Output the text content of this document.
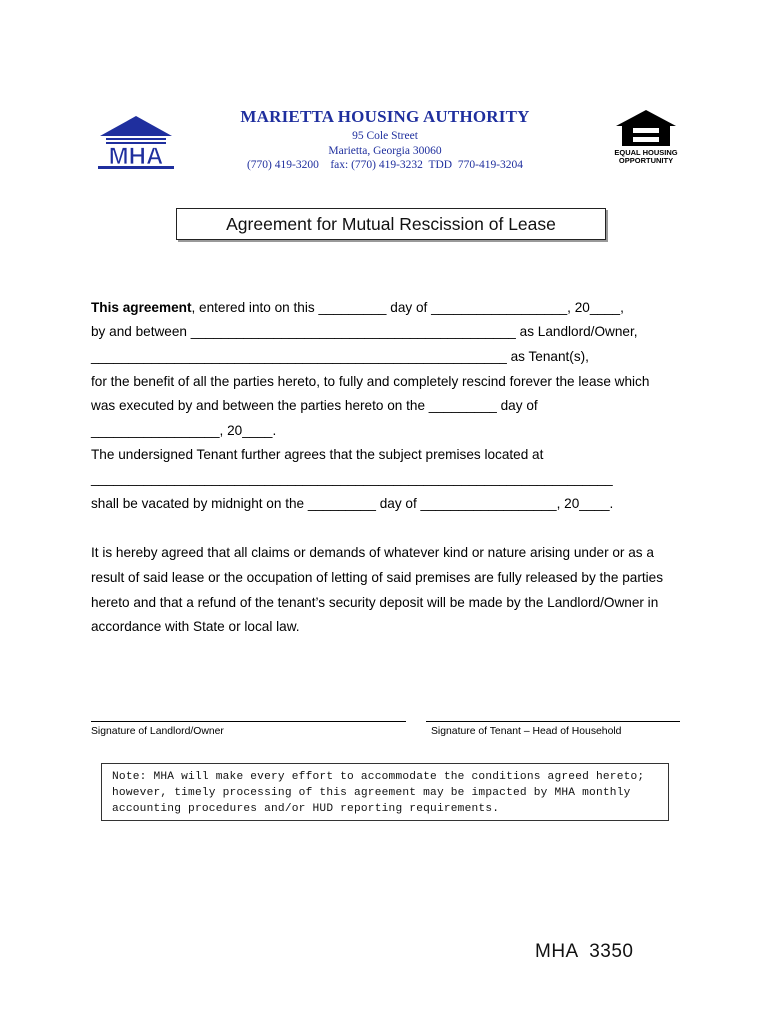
MHA
MARIETTA HOUSING AUTHORITY
95 Cole Street
Marietta, Georgia 30060
(770) 419-3200    fax: (770) 419-3232  TDD  770-419-3204
EQUAL HOUSING
OPPORTUNITY
Agreement for Mutual Rescission of Lease
This agreement, entered into on this _________ day of __________________, 20____,
by and between ___________________________________________ as Landlord/Owner,
_______________________________________________________ as Tenant(s),
for the benefit of all the parties hereto, to fully and completely rescind forever the lease which
was executed by and between the parties hereto on the _________ day of
_________________, 20____.
The undersigned Tenant further agrees that the subject premises located at
_____________________________________________________________________
shall be vacated by midnight on the _________ day of __________________, 20____.
It is hereby agreed that all claims or demands of whatever kind or nature arising under or as a
result of said lease or the occupation of letting of said premises are fully released by the parties
hereto and that a refund of the tenant’s security deposit will be made by the Landlord/Owner in
accordance with State or local law.
Signature of Landlord/Owner	Signature of Tenant – Head of Household
Note: MHA will make every effort to accommodate the conditions agreed hereto;
however, timely processing of this agreement may be impacted by MHA monthly
accounting procedures and/or HUD reporting requirements.
MHA  3350
